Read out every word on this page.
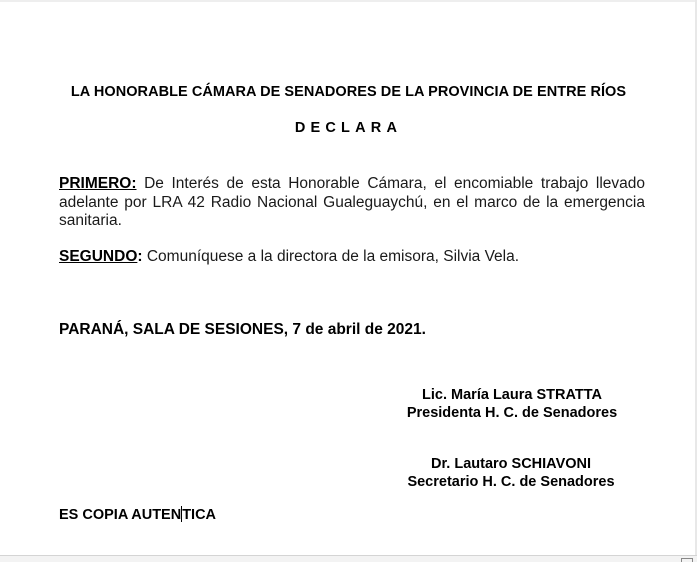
LA HONORABLE CÁMARA DE SENADORES DE LA PROVINCIA DE ENTRE RÍOS
DECLARA
PRIMERO: De Interés de esta Honorable Cámara, el encomiable trabajo llevado adelante por LRA 42 Radio Nacional Gualeguaychú, en el marco de la emergencia sanitaria.
SEGUNDO: Comuníquese a la directora de la emisora, Silvia Vela.
PARANÁ, SALA DE SESIONES, 7 de abril de 2021.
Lic. María Laura STRATTA
Presidenta H. C. de Senadores
Dr. Lautaro SCHIAVONI
Secretario H. C. de Senadores
ES COPIA AUTENTICA
